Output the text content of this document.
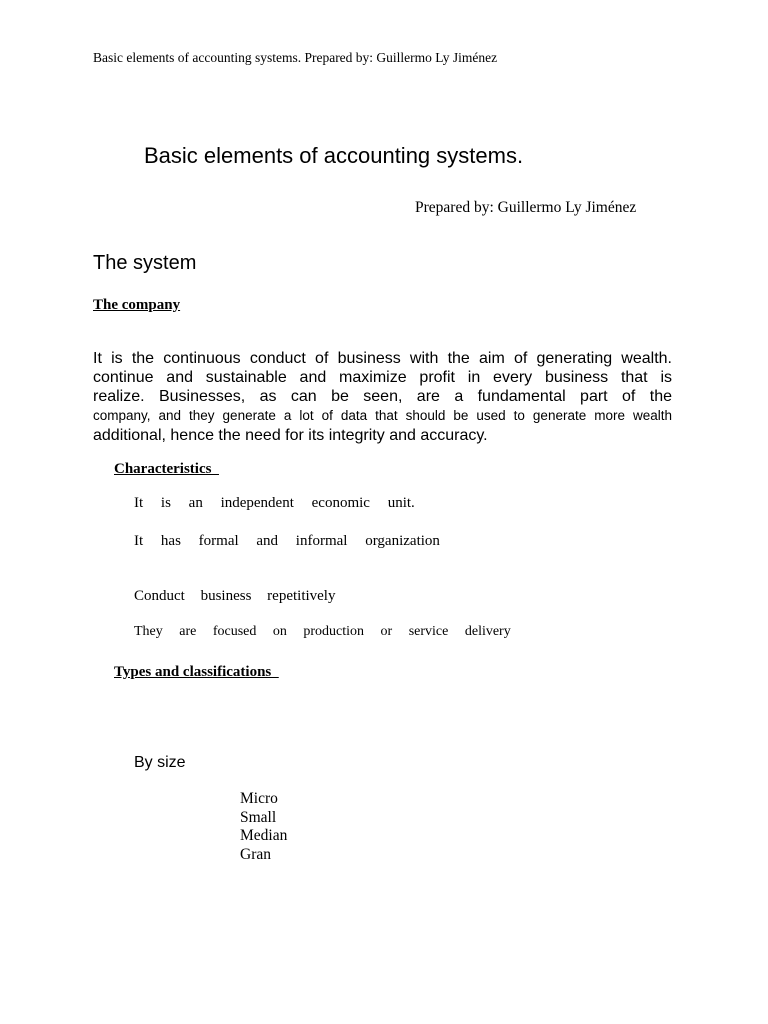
Basic elements of accounting systems. Prepared by: Guillermo Ly Jiménez
Basic elements of accounting systems.
Prepared by: Guillermo Ly Jiménez
The system
The company
It is the continuous conduct of business with the aim of generating wealth.
continue and sustainable and maximize profit in every business that is
realize. Businesses, as can be seen, are a fundamental part of the
company, and they generate a lot of data that should be used to generate more wealth
additional, hence the need for its integrity and accuracy.
Characteristics
It is an independent economic unit.
It has formal and informal organization
Conduct business repetitively
They are focused on production or service delivery
Types and classifications
By size
Micro
Small
Median
Gran
